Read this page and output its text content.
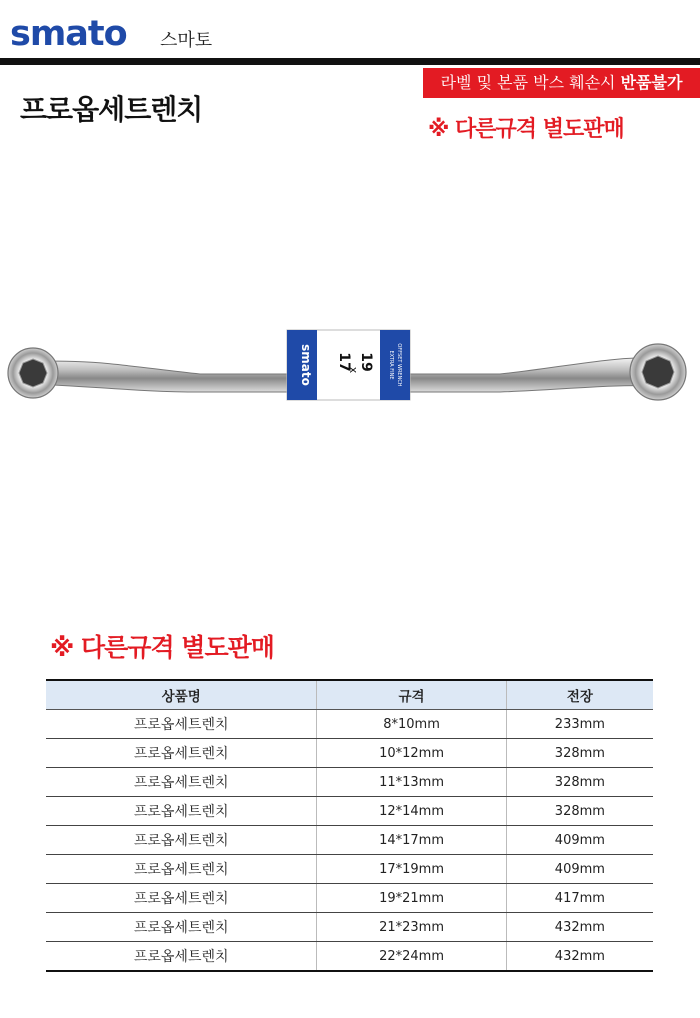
smato 스마토
라벨 및 본품 박스 훼손시 반품불가
프로옵세트렌치
※ 다른규격 별도판매
smato 17
x
19	EXTRA FINE OFFSET WRENCH
※ 다른규격 별도판매
상품명	규격	전장
프로옵세트렌치	8*10mm	233mm
프로옵세트렌치	10*12mm	328mm
프로옵세트렌치	11*13mm	328mm
프로옵세트렌치	12*14mm	328mm
프로옵세트렌치	14*17mm	409mm
프로옵세트렌치	17*19mm	409mm
프로옵세트렌치	19*21mm	417mm
프로옵세트렌치	21*23mm	432mm
프로옵세트렌치	22*24mm	432mm
